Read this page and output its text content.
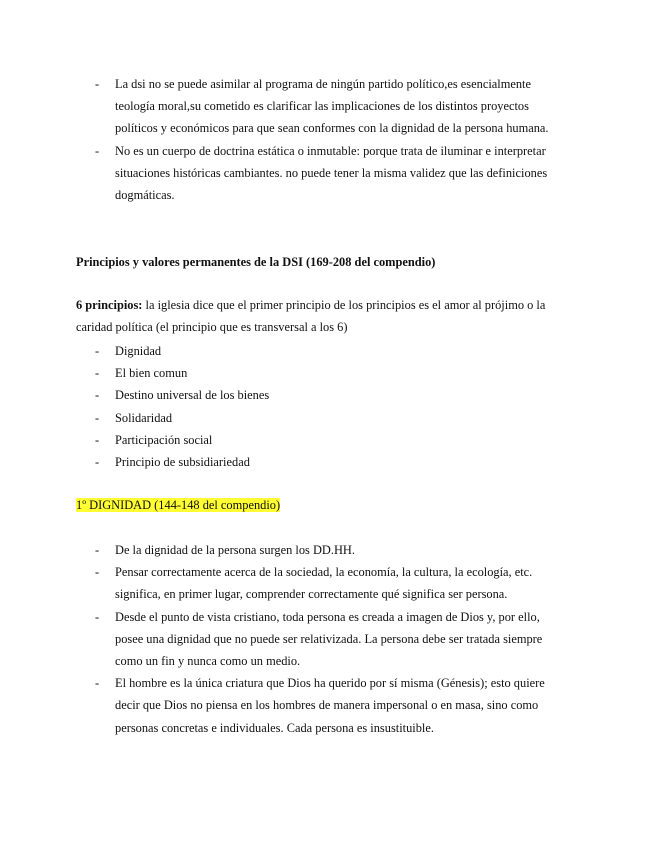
- La dsi no se puede asimilar al programa de ningún partido político,es esencialmente teología moral,su cometido es clarificar las implicaciones de los distintos proyectos políticos y económicos para que sean conformes con la dignidad de la persona humana.
- No es un cuerpo de doctrina estática o inmutable: porque trata de iluminar e interpretar situaciones históricas cambiantes. no puede tener la misma validez que las definiciones dogmáticas.
Principios y valores permanentes de la DSI (169-208 del compendio)
6 principios: la iglesia dice que el primer principio de los principios es el amor al prójimo o la caridad política (el principio que es transversal a los 6)
- Dignidad
- El bien comun
- Destino universal de los bienes
- Solidaridad
- Participación social
- Principio de subsidiariedad
1º DIGNIDAD (144-148 del compendio)
- De la dignidad de la persona surgen los DD.HH.
- Pensar correctamente acerca de la sociedad, la economía, la cultura, la ecología, etc. significa, en primer lugar, comprender correctamente qué significa ser persona.
- Desde el punto de vista cristiano, toda persona es creada a imagen de Dios y, por ello, posee una dignidad que no puede ser relativizada. La persona debe ser tratada siempre como un fin y nunca como un medio.
- El hombre es la única criatura que Dios ha querido por sí misma (Génesis); esto quiere decir que Dios no piensa en los hombres de manera impersonal o en masa, sino como personas concretas e individuales. Cada persona es insustituible.
